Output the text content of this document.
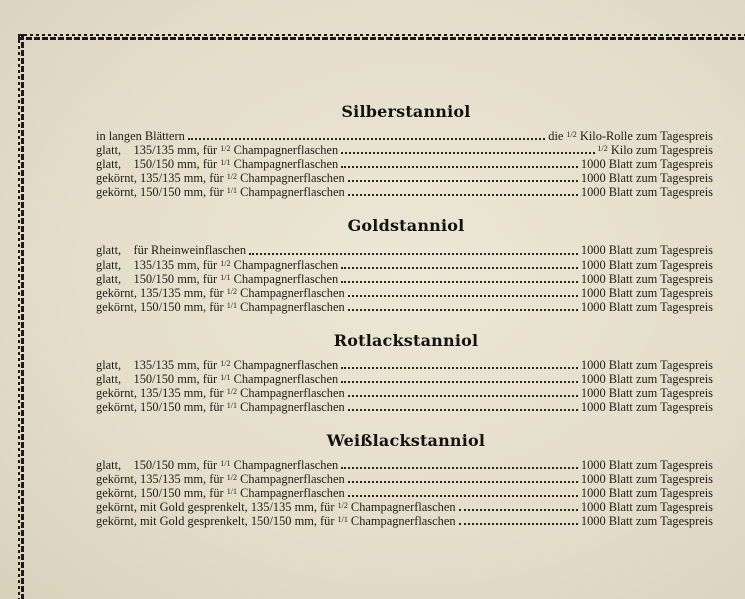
Silberstanniol
in langen Blättern	die $^{1/2}$ Kilo-Rolle zum Tagespreis
glatt,    135/135 mm, für $^{1/2}$ Champagnerflaschen	$^{1/2}$ Kilo zum Tagespreis
glatt,    150/150 mm, für $^{1/1}$ Champagnerflaschen	1000 Blatt zum Tagespreis
gekörnt, 135/135 mm, für $^{1/2}$ Champagnerflaschen	1000 Blatt zum Tagespreis
gekörnt, 150/150 mm, für $^{1/1}$ Champagnerflaschen	1000 Blatt zum Tagespreis
Goldstanniol
glatt,    für Rheinweinflaschen	1000 Blatt zum Tagespreis
glatt,    135/135 mm, für $^{1/2}$ Champagnerflaschen	1000 Blatt zum Tagespreis
glatt,    150/150 mm, für $^{1/1}$ Champagnerflaschen	1000 Blatt zum Tagespreis
gekörnt, 135/135 mm, für $^{1/2}$ Champagnerflaschen	1000 Blatt zum Tagespreis
gekörnt, 150/150 mm, für $^{1/1}$ Champagnerflaschen	1000 Blatt zum Tagespreis
Rotlackstanniol
glatt,    135/135 mm, für $^{1/2}$ Champagnerflaschen	1000 Blatt zum Tagespreis
glatt,    150/150 mm, für $^{1/1}$ Champagnerflaschen	1000 Blatt zum Tagespreis
gekörnt, 135/135 mm, für $^{1/2}$ Champagnerflaschen	1000 Blatt zum Tagespreis
gekörnt, 150/150 mm, für $^{1/1}$ Champagnerflaschen	1000 Blatt zum Tagespreis
Weißlackstanniol
glatt,    150/150 mm, für $^{1/1}$ Champagnerflaschen	1000 Blatt zum Tagespreis
gekörnt, 135/135 mm, für $^{1/2}$ Champagnerflaschen	1000 Blatt zum Tagespreis
gekörnt, 150/150 mm, für $^{1/1}$ Champagnerflaschen	1000 Blatt zum Tagespreis
gekörnt, mit Gold gesprenkelt, 135/135 mm, für $^{1/2}$ Champagnerflaschen	1000 Blatt zum Tagespreis
gekörnt, mit Gold gesprenkelt, 150/150 mm, für $^{1/1}$ Champagnerflaschen	1000 Blatt zum Tagespreis
